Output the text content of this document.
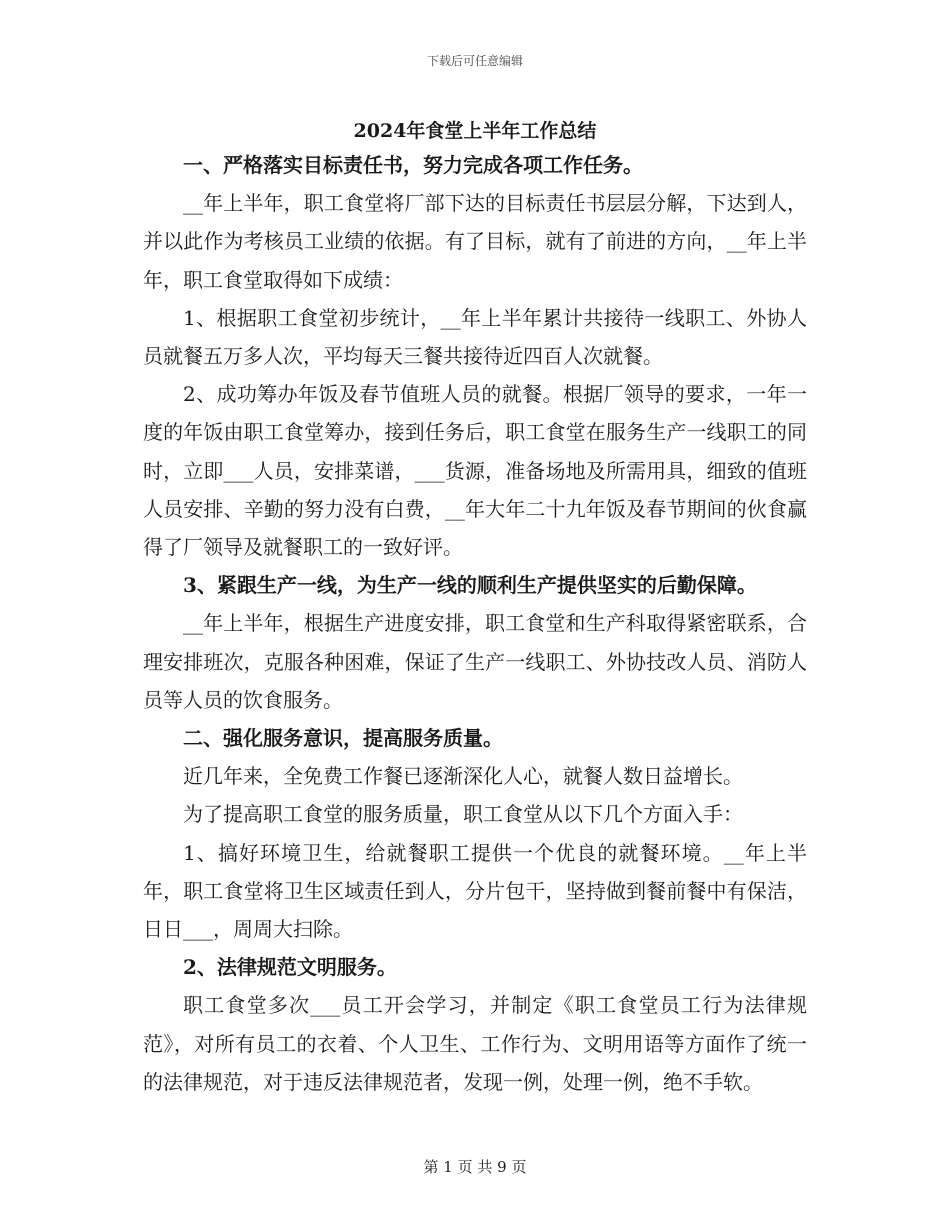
下载后可任意编辑
2024年食堂上半年工作总结

一、严格落实目标责任书，努力完成各项工作任务。

__年上半年，职工食堂将厂部下达的目标责任书层层分解，下达到人，并以此作为考核员工业绩的依据。有了目标，就有了前进的方向，__年上半年，职工食堂取得如下成绩：

1、根据职工食堂初步统计，__年上半年累计共接待一线职工、外协人员就餐五万多人次，平均每天三餐共接待近四百人次就餐。

2、成功筹办年饭及春节值班人员的就餐。根据厂领导的要求，一年一度的年饭由职工食堂筹办，接到任务后，职工食堂在服务生产一线职工的同时，立即___人员，安排菜谱，___货源，准备场地及所需用具，细致的值班人员安排、辛勤的努力没有白费，__年大年二十九年饭及春节期间的伙食赢得了厂领导及就餐职工的一致好评。

3、紧跟生产一线，为生产一线的顺利生产提供坚实的后勤保障。

__年上半年，根据生产进度安排，职工食堂和生产科取得紧密联系，合理安排班次，克服各种困难，保证了生产一线职工、外协技改人员、消防人员等人员的饮食服务。

二、强化服务意识，提高服务质量。

近几年来，全免费工作餐已逐渐深化人心，就餐人数日益增长。

为了提高职工食堂的服务质量，职工食堂从以下几个方面入手：

1、搞好环境卫生，给就餐职工提供一个优良的就餐环境。__年上半年，职工食堂将卫生区域责任到人，分片包干，坚持做到餐前餐中有保洁，日日___，周周大扫除。

2、法律规范文明服务。

职工食堂多次___员工开会学习，并制定《职工食堂员工行为法律规范》，对所有员工的衣着、个人卫生、工作行为、文明用语等方面作了统一的法律规范，对于违反法律规范者，发现一例，处理一例，绝不手软。

第 1 页 共 9 页
